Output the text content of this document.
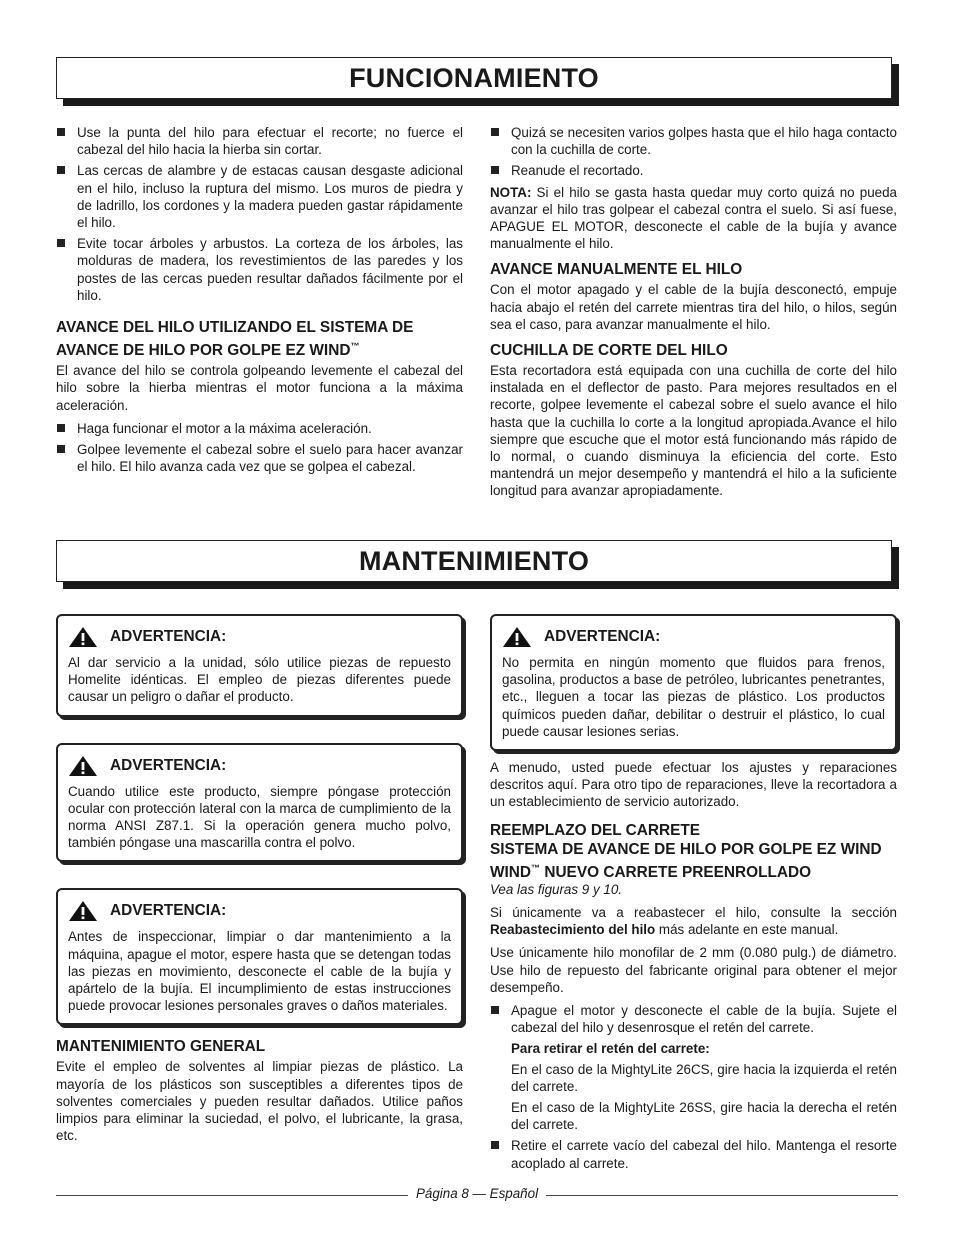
FUNCIONAMIENTO
Use la punta del hilo para efectuar el recorte; no fuerce el cabezal del hilo hacia la hierba sin cortar.
Las cercas de alambre y de estacas causan desgaste adicional en el hilo, incluso la ruptura del mismo. Los muros de piedra y de ladrillo, los cordones y la madera pueden gastar rápidamente el hilo.
Evite tocar árboles y arbustos. La corteza de los árboles, las molduras de madera, los revestimientos de las paredes y los postes de las cercas pueden resultar dañados fácilmente por el hilo.
AVANCE DEL HILO UTILIZANDO EL SISTEMA DE AVANCE DE HILO POR GOLPE EZ WIND™

El avance del hilo se controla golpeando levemente el cabezal del hilo sobre la hierba mientras el motor funciona a la máxima aceleración.

Haga funcionar el motor a la máxima aceleración.
Golpee levemente el cabezal sobre el suelo para hacer avanzar el hilo. El hilo avanza cada vez que se golpea el cabezal.
Quizá se necesiten varios golpes hasta que el hilo haga contacto con la cuchilla de corte.
Reanude el recortado.

NOTA: Si el hilo se gasta hasta quedar muy corto quizá no pueda avanzar el hilo tras golpear el cabezal contra el suelo. Si así fuese, APAGUE EL MOTOR, desconecte el cable de la bujía y avance manualmente el hilo.

AVANCE MANUALMENTE EL HILO

Con el motor apagado y el cable de la bujía desconectó, empuje hacia abajo el retén del carrete mientras tira del hilo, o hilos, según sea el caso, para avanzar manualmente el hilo.

CUCHILLA DE CORTE DEL HILO

Esta recortadora está equipada con una cuchilla de corte del hilo instalada en el deflector de pasto. Para mejores resultados en el recorte, golpee levemente el cabezal sobre el suelo avance el hilo hasta que la cuchilla lo corte a la longitud apropiada.Avance el hilo siempre que escuche que el motor está funcionando más rápido de lo normal, o cuando disminuya la eficiencia del corte. Esto mantendrá un mejor desempeño y mantendrá el hilo a la suficiente longitud para avanzar apropiadamente.

MANTENIMIENTO
ADVERTENCIA:

Al dar servicio a la unidad, sólo utilice piezas de repuesto Homelite idénticas. El empleo de piezas diferentes puede causar un peligro o dañar el producto.

ADVERTENCIA:

Cuando utilice este producto, siempre póngase protección ocular con protección lateral con la marca de cumplimiento de la norma ANSI Z87.1. Si la operación genera mucho polvo, también póngase una mascarilla contra el polvo.

ADVERTENCIA:

Antes de inspeccionar, limpiar o dar mantenimiento a la máquina, apague el motor, espere hasta que se detengan todas las piezas en movimiento, desconecte el cable de la bujía y apártelo de la bujía. El incumplimiento de estas instrucciones puede provocar lesiones personales graves o daños materiales.

MANTENIMIENTO GENERAL

Evite el empleo de solventes al limpiar piezas de plástico. La mayoría de los plásticos son susceptibles a diferentes tipos de solventes comerciales y pueden resultar dañados. Utilice paños limpios para eliminar la suciedad, el polvo, el lubricante, la grasa, etc.

ADVERTENCIA:

No permita en ningún momento que fluidos para frenos, gasolina, productos a base de petróleo, lubricantes penetrantes, etc., lleguen a tocar las piezas de plástico. Los productos químicos pueden dañar, debilitar o destruir el plástico, lo cual puede causar lesiones serias.

A menudo, usted puede efectuar los ajustes y reparaciones descritos aquí. Para otro tipo de reparaciones, lleve la recortadora a un establecimiento de servicio autorizado.

REEMPLAZO DEL CARRETE
SISTEMA DE AVANCE DE HILO POR GOLPE EZ WIND WIND™ NUEVO CARRETE PREENROLLADO

Vea las figuras 9 y 10.

Si únicamente va a reabastecer el hilo, consulte la sección Reabastecimiento del hilo más adelante en este manual.

Use únicamente hilo monofilar de 2 mm (0.080 pulg.) de diámetro. Use hilo de repuesto del fabricante original para obtener el mejor desempeño.

Apague el motor y desconecte el cable de la bujía. Sujete el cabezal del hilo y desenrosque el retén del carrete.

Para retirar el retén del carrete:

En el caso de la MightyLite 26CS, gire hacia la izquierda el retén del carrete.

En el caso de la MightyLite 26SS, gire hacia la derecha el retén del carrete.

Retire el carrete vacío del cabezal del hilo. Mantenga el resorte acoplado al carrete.
Página 8 — Español
